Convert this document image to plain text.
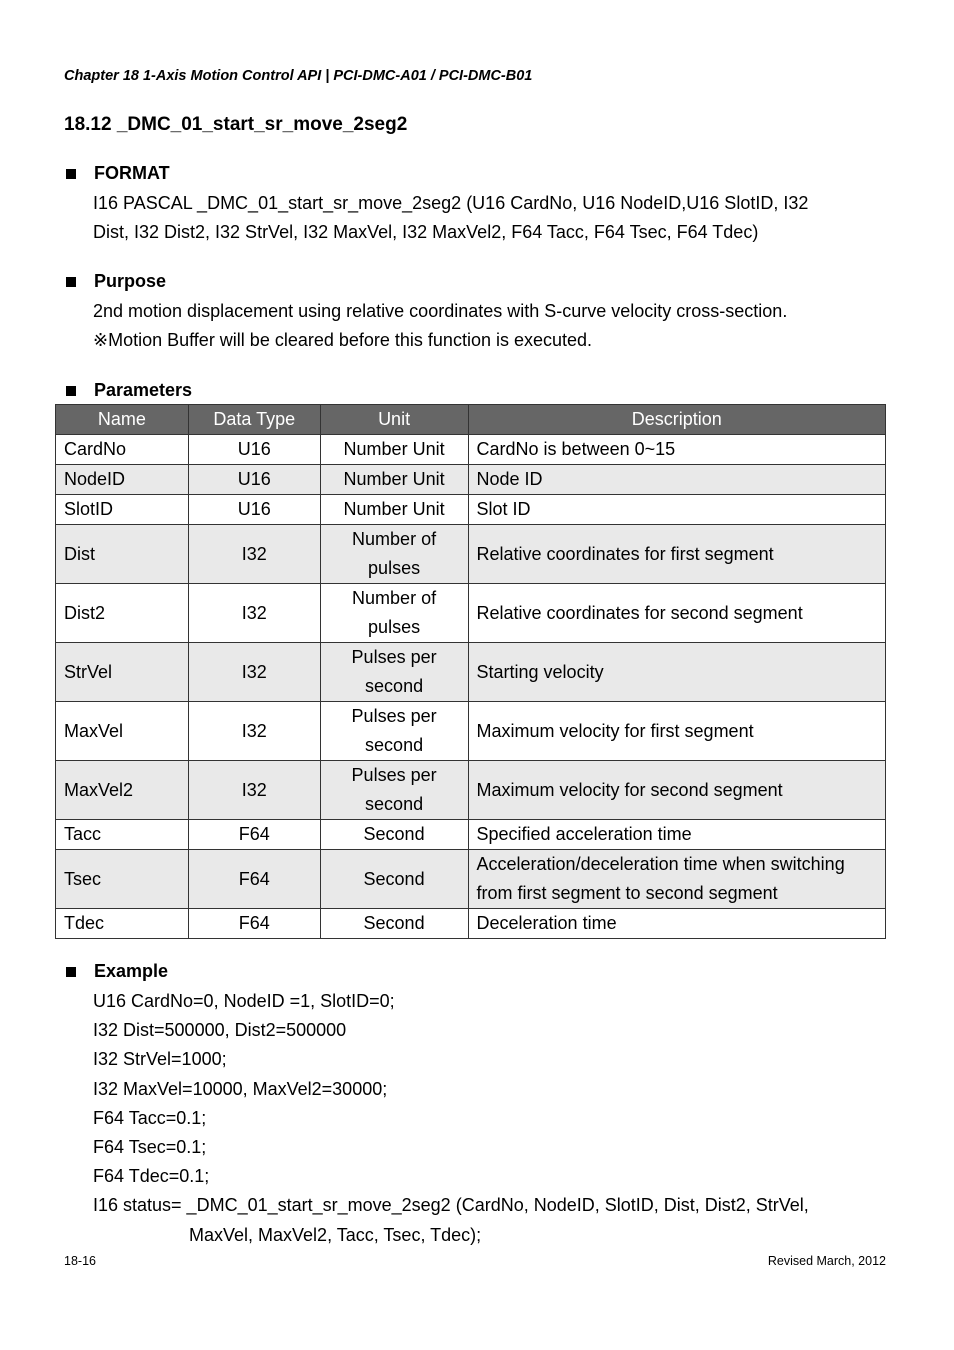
Chapter 18 1-Axis Motion Control API | PCI-DMC-A01 / PCI-DMC-B01
18.12 _DMC_01_start_sr_move_2seg2
FORMAT
I16 PASCAL _DMC_01_start_sr_move_2seg2 (U16 CardNo, U16 NodeID,U16 SlotID, I32
Dist, I32 Dist2, I32 StrVel, I32 MaxVel, I32 MaxVel2, F64 Tacc, F64 Tsec, F64 Tdec)
Purpose
2nd motion displacement using relative coordinates with S-curve velocity cross-section.
※Motion Buffer will be cleared before this function is executed.
Parameters
Name	Data Type	Unit	Description
CardNo	U16	Number Unit	CardNo is between 0~15
NodeID	U16	Number Unit	Node ID
SlotID	U16	Number Unit	Slot ID
Dist	I32	Number of pulses	Relative coordinates for first segment
Dist2	I32	Number of pulses	Relative coordinates for second segment
StrVel	I32	Pulses per second	Starting velocity
MaxVel	I32	Pulses per second	Maximum velocity for first segment
MaxVel2	I32	Pulses per second	Maximum velocity for second segment
Tacc	F64	Second	Specified acceleration time
Tsec	F64	Second	Acceleration/deceleration time when switching from first segment to second segment
Tdec	F64	Second	Deceleration time
Example
U16 CardNo=0, NodeID =1, SlotID=0;
I32 Dist=500000, Dist2=500000
I32 StrVel=1000;
I32 MaxVel=10000, MaxVel2=30000;
F64 Tacc=0.1;
F64 Tsec=0.1;
F64 Tdec=0.1;
I16 status= _DMC_01_start_sr_move_2seg2 (CardNo, NodeID, SlotID, Dist, Dist2, StrVel,
MaxVel, MaxVel2, Tacc, Tsec, Tdec);
18-16	Revised March, 2012
